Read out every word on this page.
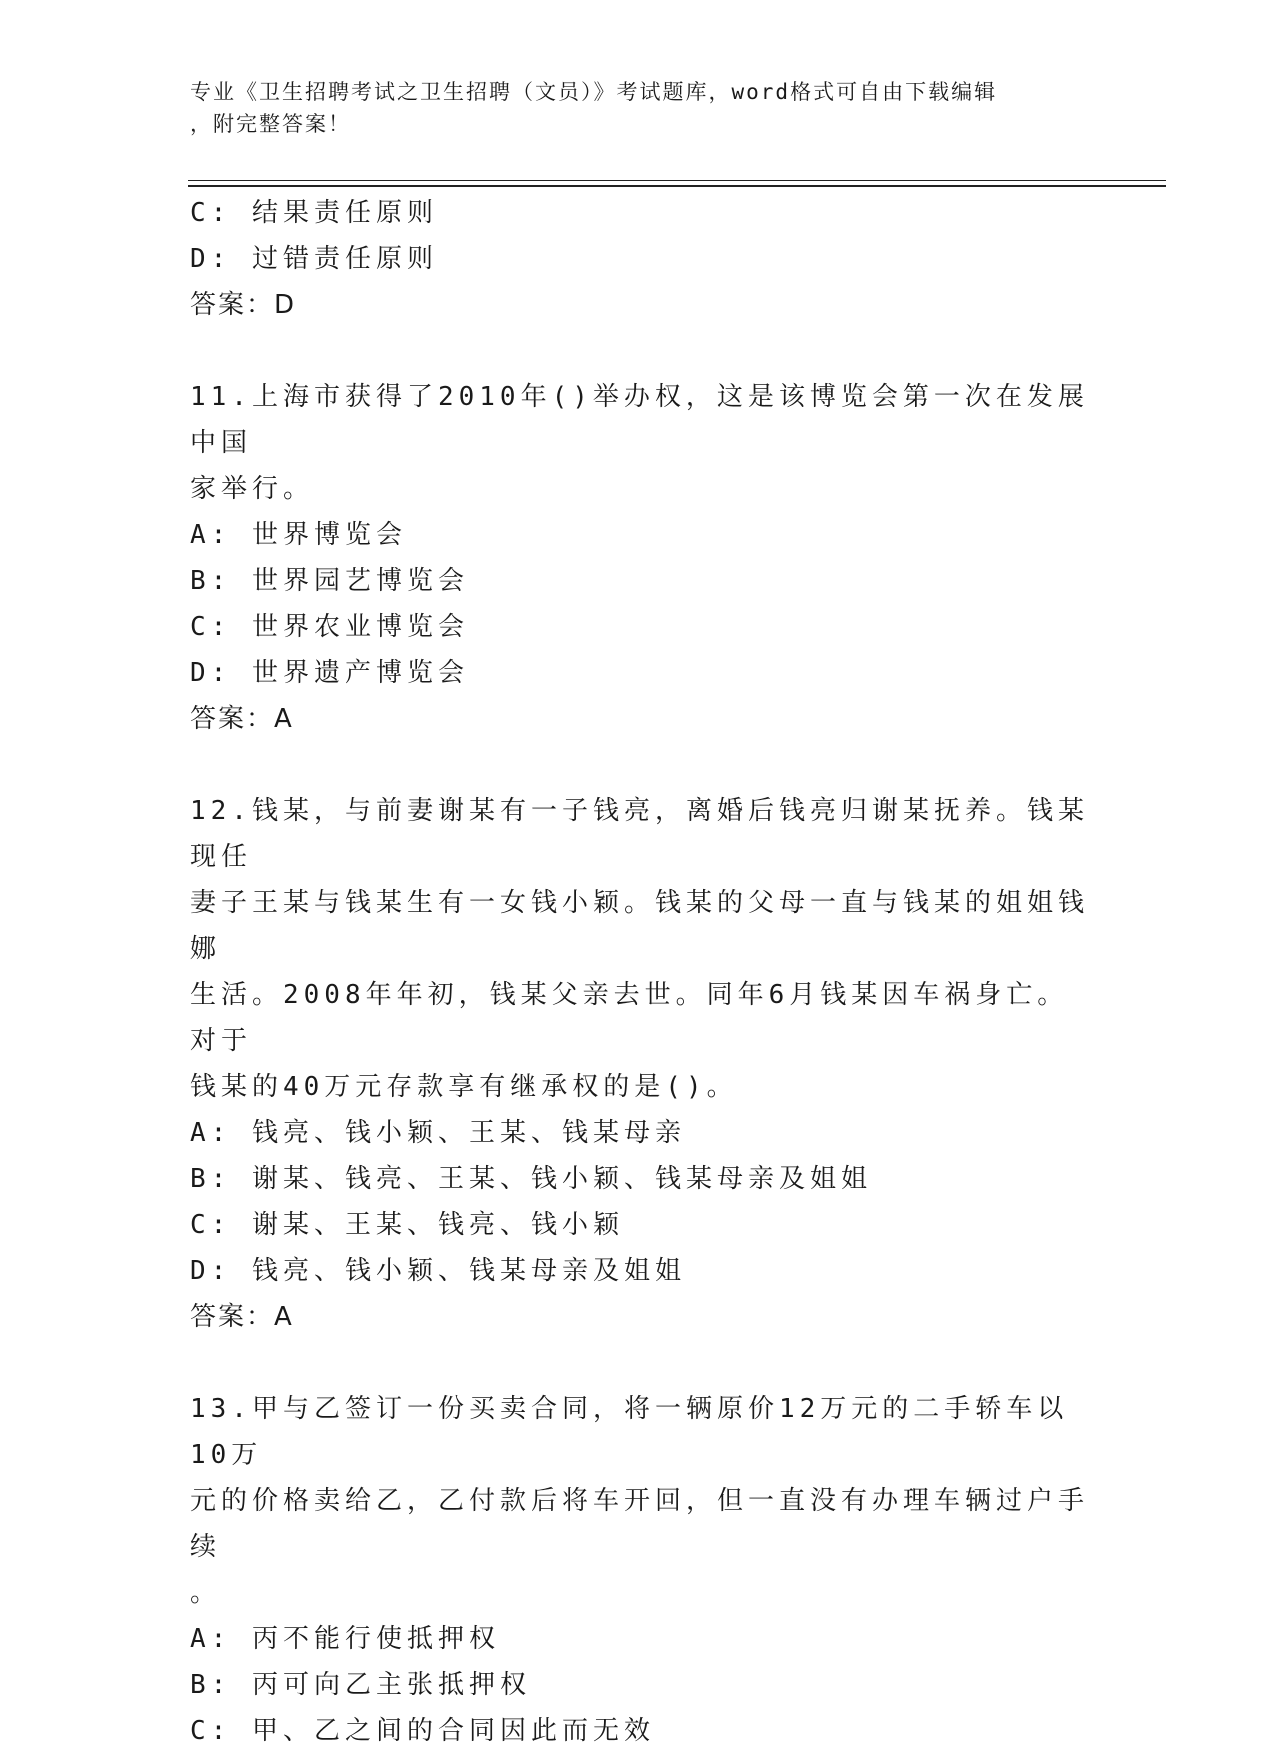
专业《卫生招聘考试之卫生招聘（文员）》考试题库，word格式可自由下载编辑
，附完整答案！
C: 结果责任原则
D: 过错责任原则
答案：D
11.上海市获得了2010年()举办权，这是该博览会第一次在发展中国
家举行。
A: 世界博览会
B: 世界园艺博览会
C: 世界农业博览会
D: 世界遗产博览会
答案：A
12.钱某，与前妻谢某有一子钱亮，离婚后钱亮归谢某抚养。钱某现任
妻子王某与钱某生有一女钱小颖。钱某的父母一直与钱某的姐姐钱娜
生活。2008年年初，钱某父亲去世。同年6月钱某因车祸身亡。对于
钱某的40万元存款享有继承权的是()。
A: 钱亮、钱小颖、王某、钱某母亲
B: 谢某、钱亮、王某、钱小颖、钱某母亲及姐姐
C: 谢某、王某、钱亮、钱小颖
D: 钱亮、钱小颖、钱某母亲及姐姐
答案：A
13.甲与乙签订一份买卖合同，将一辆原价12万元的二手轿车以10万
元的价格卖给乙，乙付款后将车开回，但一直没有办理车辆过户手续
。
A: 丙不能行使抵押权
B: 丙可向乙主张抵押权
C: 甲、乙之间的合同因此而无效
